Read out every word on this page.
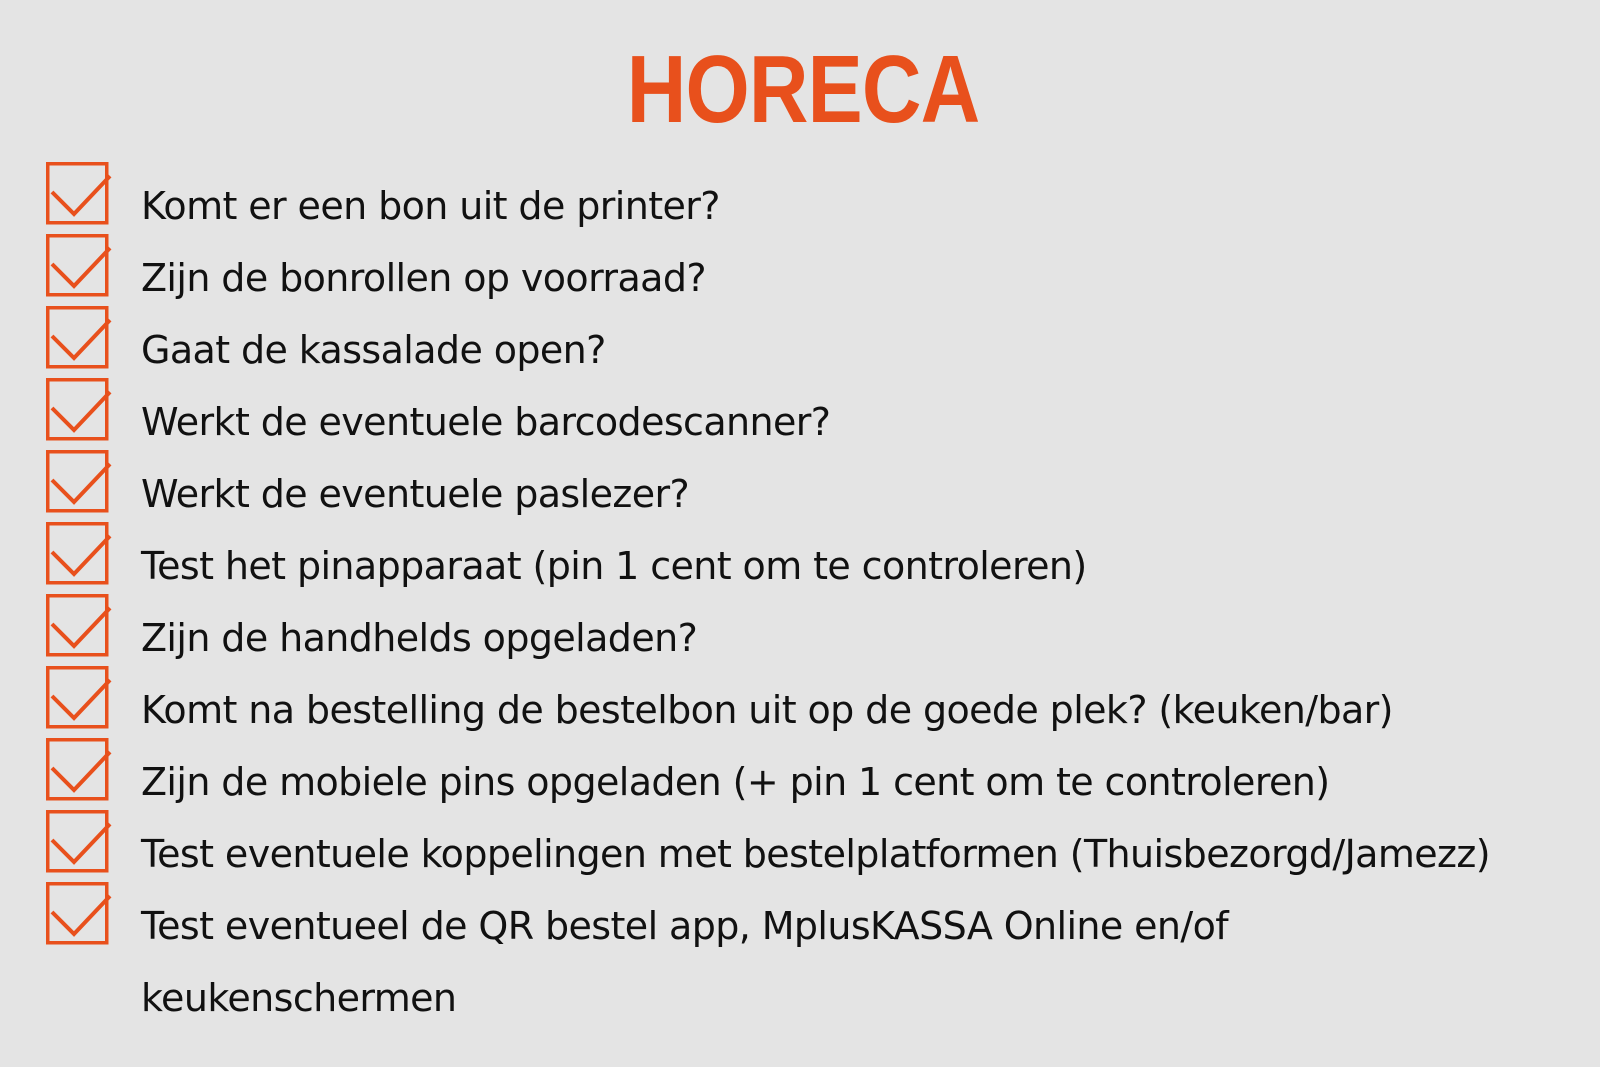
HORECA
Komt er een bon uit de printer?
Zijn de bonrollen op voorraad?
Gaat de kassalade open?
Werkt de eventuele barcodescanner?
Werkt de eventuele paslezer?
Test het pinapparaat (pin 1 cent om te controleren)
Zijn de handhelds opgeladen?
Komt na bestelling de bestelbon uit op de goede plek? (keuken/bar)
Zijn de mobiele pins opgeladen (+ pin 1 cent om te controleren)
Test eventuele koppelingen met bestelplatformen (Thuisbezorgd/Jamezz)
Test eventueel de QR bestel app, MplusKASSA Online en/of keukenschermen
